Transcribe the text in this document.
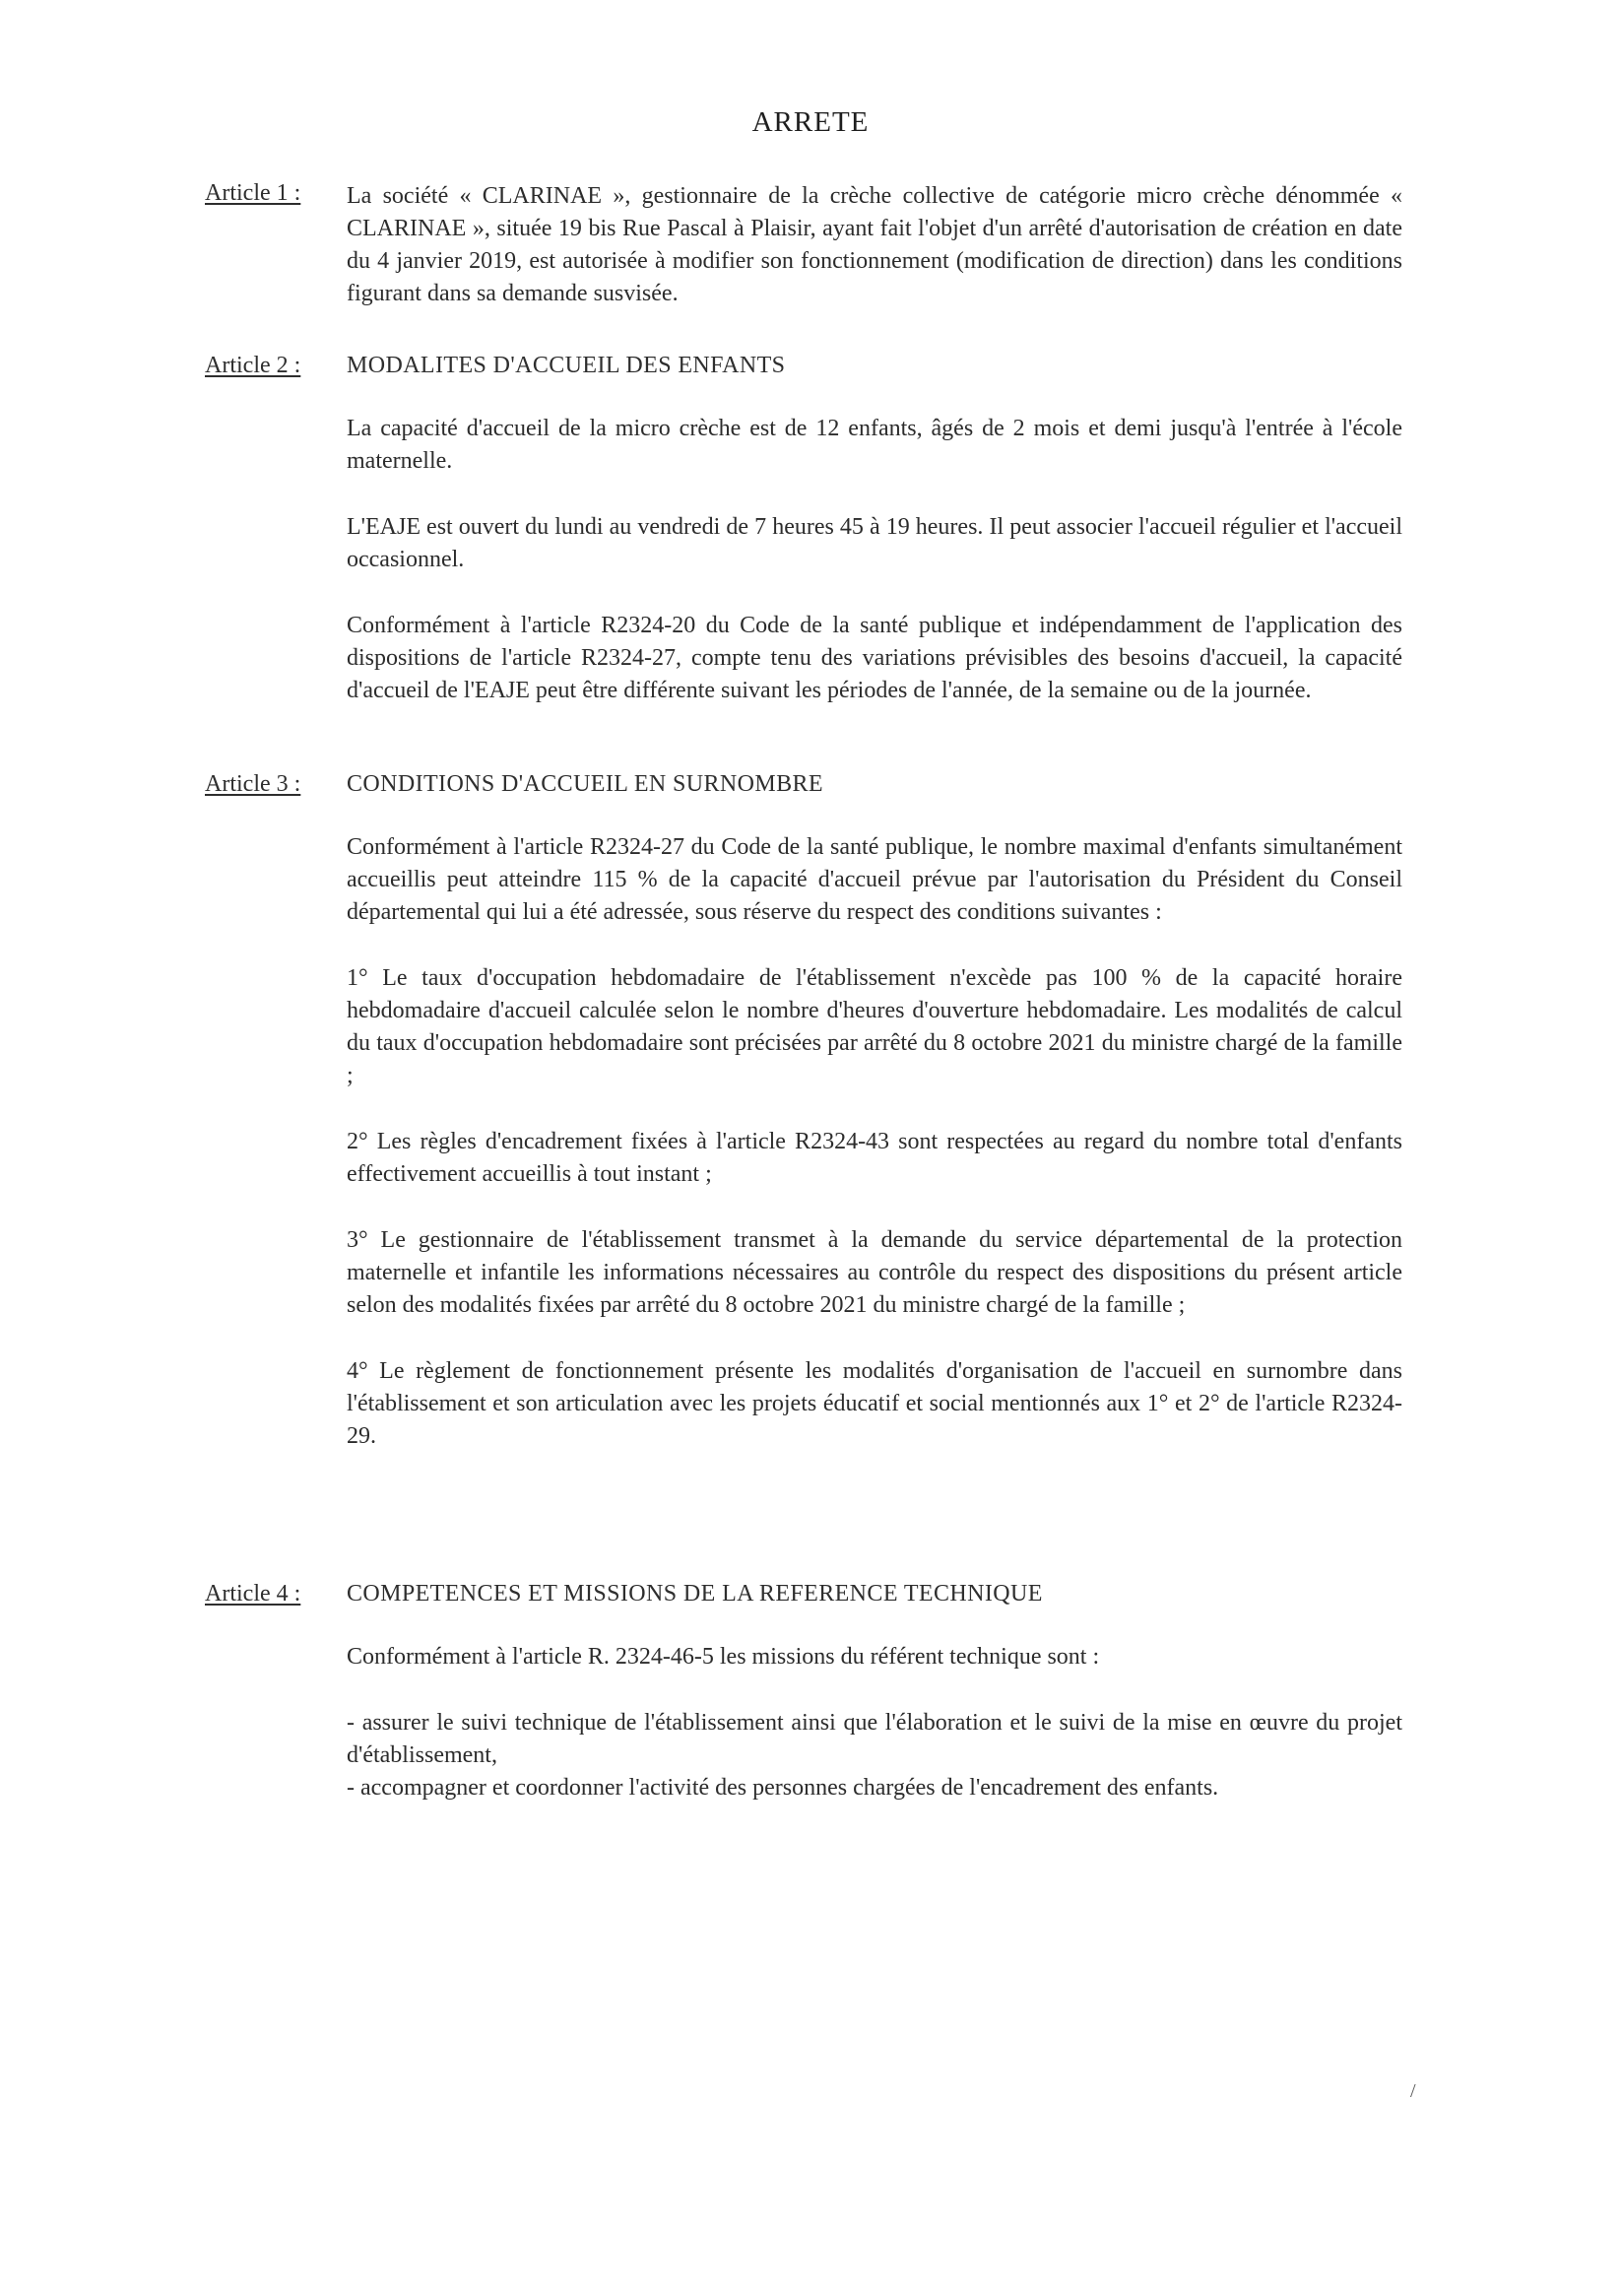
ARRETE
Article 1 : La société « CLARINAE », gestionnaire de la crèche collective de catégorie micro crèche dénommée « CLARINAE », située 19 bis Rue Pascal à Plaisir, ayant fait l'objet d'un arrêté d'autorisation de création en date du 4 janvier 2019, est autorisée à modifier son fonctionnement (modification de direction) dans les conditions figurant dans sa demande susvisée.

Article 2 : MODALITES D'ACCUEIL DES ENFANTS

La capacité d'accueil de la micro crèche est de 12 enfants, âgés de 2 mois et demi jusqu'à l'entrée à l'école maternelle.

L'EAJE est ouvert du lundi au vendredi de 7 heures 45 à 19 heures. Il peut associer l'accueil régulier et l'accueil occasionnel.

Conformément à l'article R2324-20 du Code de la santé publique et indépendamment de l'application des dispositions de l'article R2324-27, compte tenu des variations prévisibles des besoins d'accueil, la capacité d'accueil de l'EAJE peut être différente suivant les périodes de l'année, de la semaine ou de la journée.

Article 3 : CONDITIONS D'ACCUEIL EN SURNOMBRE

Conformément à l'article R2324-27 du Code de la santé publique, le nombre maximal d'enfants simultanément accueillis peut atteindre 115 % de la capacité d'accueil prévue par l'autorisation du Président du Conseil départemental qui lui a été adressée, sous réserve du respect des conditions suivantes :

1° Le taux d'occupation hebdomadaire de l'établissement n'excède pas 100 % de la capacité horaire hebdomadaire d'accueil calculée selon le nombre d'heures d'ouverture hebdomadaire. Les modalités de calcul du taux d'occupation hebdomadaire sont précisées par arrêté du 8 octobre 2021 du ministre chargé de la famille ;

2° Les règles d'encadrement fixées à l'article R2324-43 sont respectées au regard du nombre total d'enfants effectivement accueillis à tout instant ;

3° Le gestionnaire de l'établissement transmet à la demande du service départemental de la protection maternelle et infantile les informations nécessaires au contrôle du respect des dispositions du présent article selon des modalités fixées par arrêté du 8 octobre 2021 du ministre chargé de la famille ;

4° Le règlement de fonctionnement présente les modalités d'organisation de l'accueil en surnombre dans l'établissement et son articulation avec les projets éducatif et social mentionnés aux 1° et 2° de l'article R2324-29.

Article 4 : COMPETENCES ET MISSIONS DE LA REFERENCE TECHNIQUE

Conformément à l'article R. 2324-46-5 les missions du référent technique sont :

- assurer le suivi technique de l'établissement ainsi que l'élaboration et le suivi de la mise en œuvre du projet d'établissement,

- accompagner et coordonner l'activité des personnes chargées de l'encadrement des enfants.

/
